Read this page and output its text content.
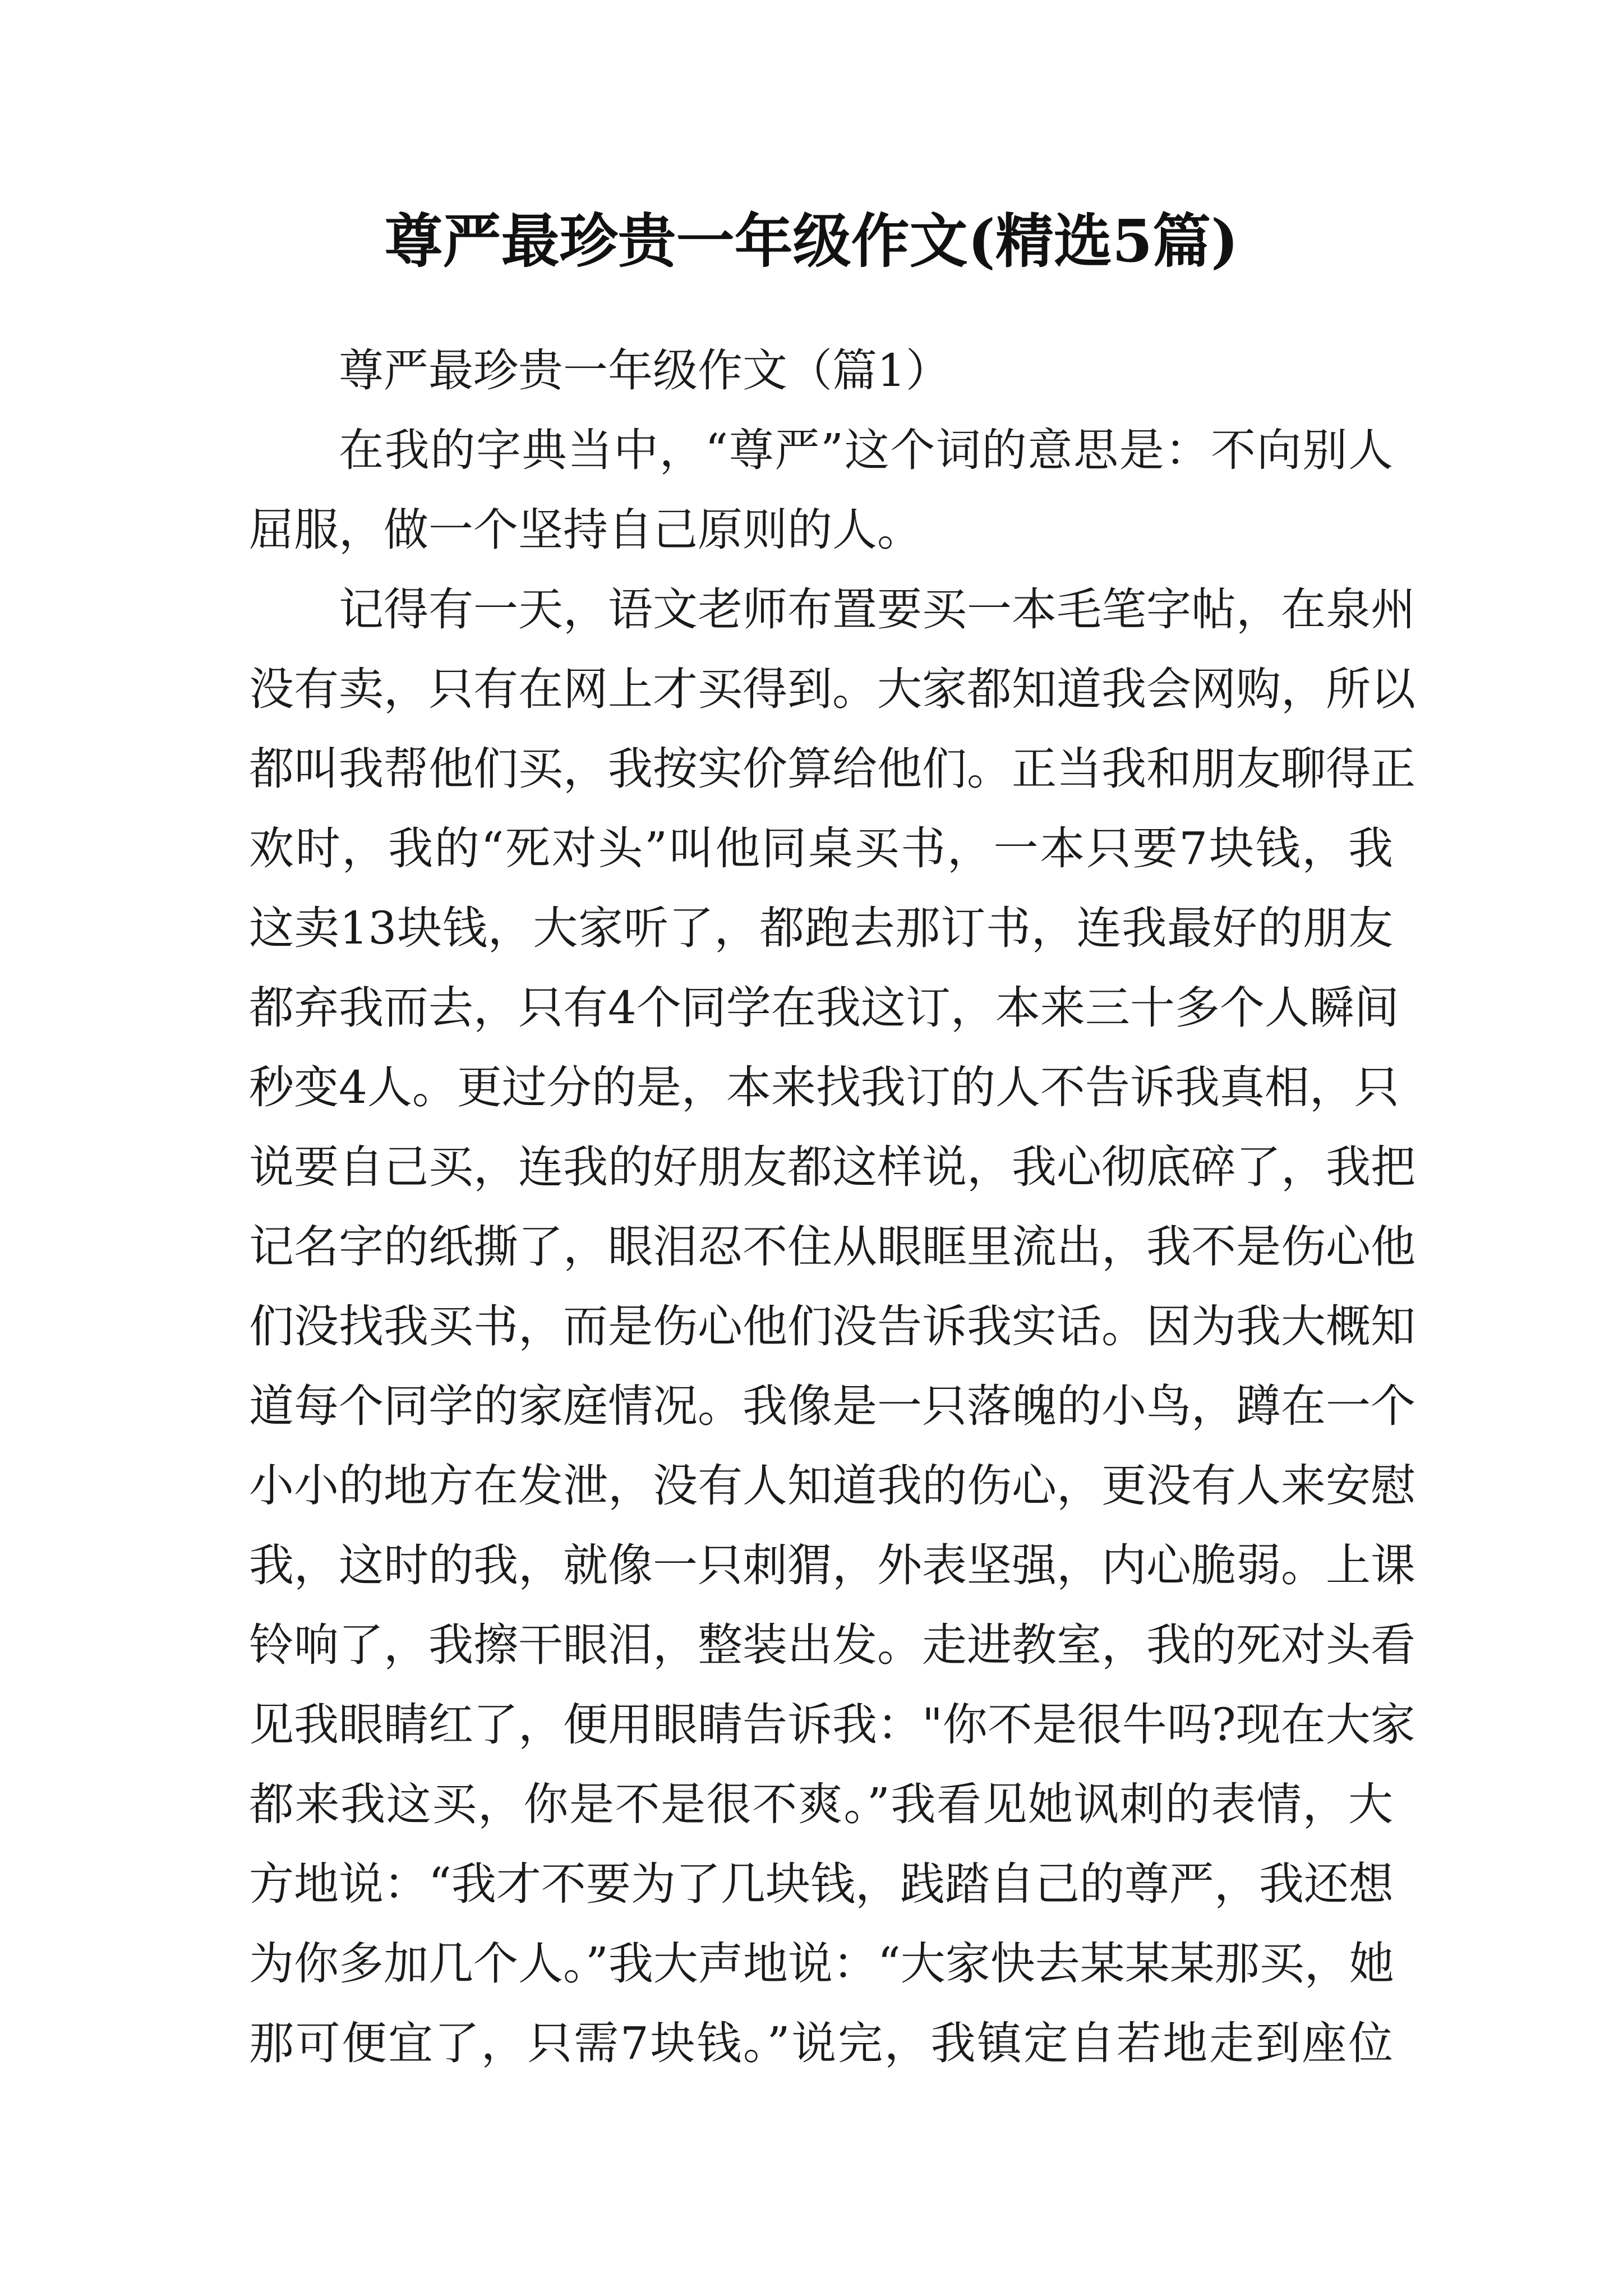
尊严最珍贵一年级作文(精选5篇)

尊严最珍贵一年级作文（篇1）

在我的字典当中，“尊严”这个词的意思是：不向别人
屈服，做一个坚持自己原则的人。

记得有一天，语文老师布置要买一本毛笔字帖，在泉州
没有卖，只有在网上才买得到。大家都知道我会网购，所以
都叫我帮他们买，我按实价算给他们。正当我和朋友聊得正
欢时，我的“死对头”叫他同桌买书，一本只要7块钱，我
这卖13块钱，大家听了，都跑去那订书，连我最好的朋友
都弃我而去，只有4个同学在我这订，本来三十多个人瞬间
秒变4人。更过分的是，本来找我订的人不告诉我真相，只
说要自己买，连我的好朋友都这样说，我心彻底碎了，我把
记名字的纸撕了，眼泪忍不住从眼眶里流出，我不是伤心他
们没找我买书，而是伤心他们没告诉我实话。因为我大概知
道每个同学的家庭情况。我像是一只落魄的小鸟，蹲在一个
小小的地方在发泄，没有人知道我的伤心，更没有人来安慰
我，这时的我，就像一只刺猬，外表坚强，内心脆弱。上课
铃响了，我擦干眼泪，整装出发。走进教室，我的死对头看
见我眼睛红了，便用眼睛告诉我："你不是很牛吗?现在大家
都来我这买，你是不是很不爽。”我看见她讽刺的表情，大
方地说：“我才不要为了几块钱，践踏自己的尊严，我还想
为你多加几个人。”我大声地说：“大家快去某某某那买，她
那可便宜了，只需7块钱。”说完，我镇定自若地走到座位
